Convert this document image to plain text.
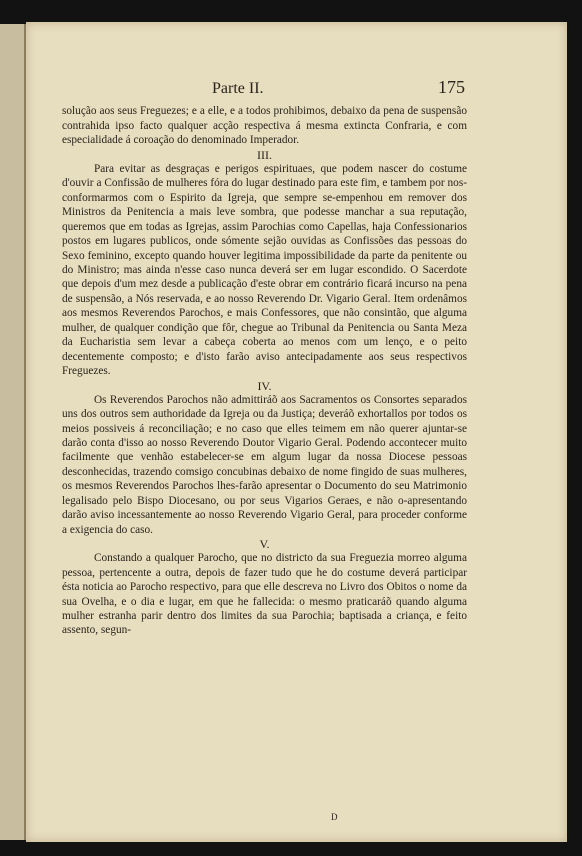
Parte II.	175

solução aos seus Freguezes; e a elle, e a todos prohibimos, debaixo da pena de suspensão contrahida ipso facto qualquer acção respectiva á mesma extincta Confraria, e com especialidade á coroação do denominado Imperador.

III.

Para evitar as desgraças e perigos espirituaes, que podem nascer do costume d'ouvir a Confissão de mulheres fóra do lugar destinado para este fim, e tambem por nos-conformarmos com o Espirito da Igreja, que sempre se-empenhou em remover dos Ministros da Penitencia a mais leve sombra, que podesse manchar a sua reputação, queremos que em todas as Igrejas, assim Parochias como Capellas, haja Confessionarios postos em lugares publicos, onde sómente sejão ouvidas as Confissões das pessoas do Sexo feminino, excepto quando houver legitima impossibilidade da parte da penitente ou do Ministro; mas ainda n'esse caso nunca deverá ser em lugar escondido. O Sacerdote que depois d'um mez desde a publicação d'este obrar em contrário ficará incurso na pena de suspensão, a Nós reservada, e ao nosso Reverendo Dr. Vigario Geral. Item ordenâmos aos mesmos Reverendos Parochos, e mais Confessores, que não consintão, que alguma mulher, de qualquer condição que fôr, chegue ao Tribunal da Penitencia ou Santa Meza da Eucharistia sem levar a cabeça coberta ao menos com um lenço, e o peito decentemente composto; e d'isto farão aviso antecipadamente aos seus respectivos Freguezes.

IV.

Os Reverendos Parochos não admittiráõ aos Sacramentos os Consortes separados uns dos outros sem authoridade da Igreja ou da Justiça; deveráõ exhortallos por todos os meios possiveis á reconciliação; e no caso que elles teimem em não querer ajuntar-se darão conta d'isso ao nosso Reverendo Doutor Vigario Geral. Podendo accontecer muito facilmente que venhão estabelecer-se em algum lugar da nossa Diocese pessoas desconhecidas, trazendo comsigo concubinas debaixo de nome fingido de suas mulheres, os mesmos Reverendos Parochos lhes-farão apresentar o Documento do seu Matrimonio legalisado pelo Bispo Diocesano, ou por seus Vigarios Geraes, e não o-apresentando darão aviso incessantemente ao nosso Reverendo Vigario Geral, para proceder conforme a exigencia do caso.

V.

Constando a qualquer Parocho, que no districto da sua Freguezia morreo alguma pessoa, pertencente a outra, depois de fazer tudo que he do costume deverá participar ésta noticia ao Parocho respectivo, para que elle descreva no Livro dos Obitos o nome da sua Ovelha, e o dia e lugar, em que he fallecida: o mesmo praticaráõ quando alguma mulher estranha parir dentro dos limites da sua Parochia; baptisada a criança, e feito assento, segun-

D
